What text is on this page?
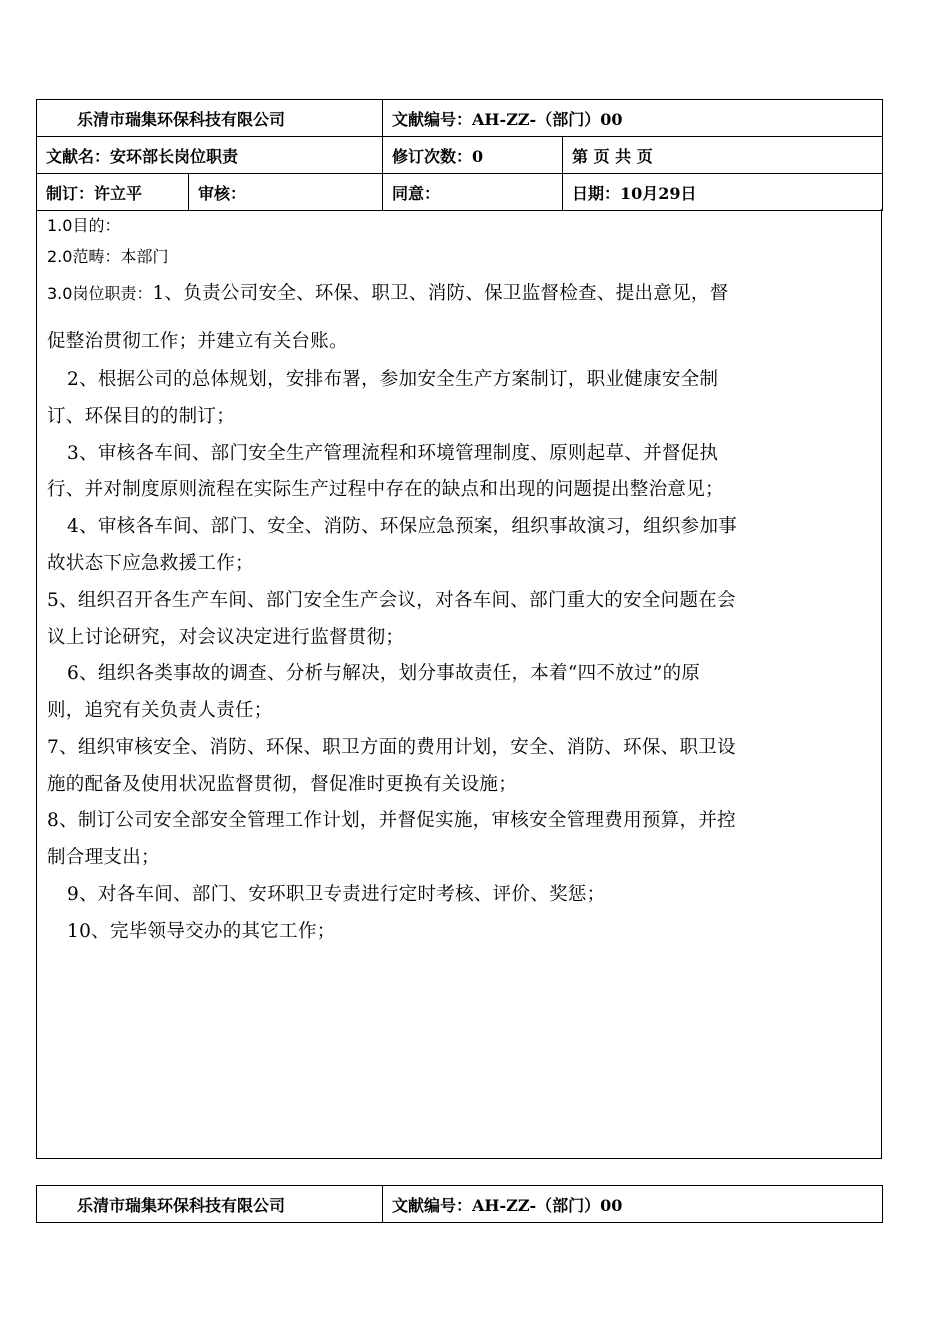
乐清市瑞集环保科技有限公司		文献编号：AH-ZZ-（部门）00	
文献名：安环部长岗位职责		修订次数：0	第 页 共 页
制订：许立平	审核：	同意：	日期：10月29日
1.0目的：
2.0范畴：本部门
3.0岗位职责：1、负责公司安全、环保、职卫、消防、保卫监督检查、提出意见，督
促整治贯彻工作；并建立有关台账。
2、根据公司的总体规划，安排布署，参加安全生产方案制订，职业健康安全制
订、环保目的的制订；
3、审核各车间、部门安全生产管理流程和环境管理制度、原则起草、并督促执
行、并对制度原则流程在实际生产过程中存在的缺点和出现的问题提出整治意见；
4、审核各车间、部门、安全、消防、环保应急预案，组织事故演习，组织参加事
故状态下应急救援工作；
5、组织召开各生产车间、部门安全生产会议，对各车间、部门重大的安全问题在会
议上讨论研究，对会议决定进行监督贯彻；
6、组织各类事故的调查、分析与解决，划分事故责任，本着“四不放过”的原
则，追究有关负责人责任；
7、组织审核安全、消防、环保、职卫方面的费用计划，安全、消防、环保、职卫设
施的配备及使用状况监督贯彻，督促准时更换有关设施；
8、制订公司安全部安全管理工作计划，并督促实施，审核安全管理费用预算，并控
制合理支出；
9、对各车间、部门、安环职卫专责进行定时考核、评价、奖惩；
10、完毕领导交办的其它工作；
乐清市瑞集环保科技有限公司	文献编号：AH-ZZ-（部门）00
